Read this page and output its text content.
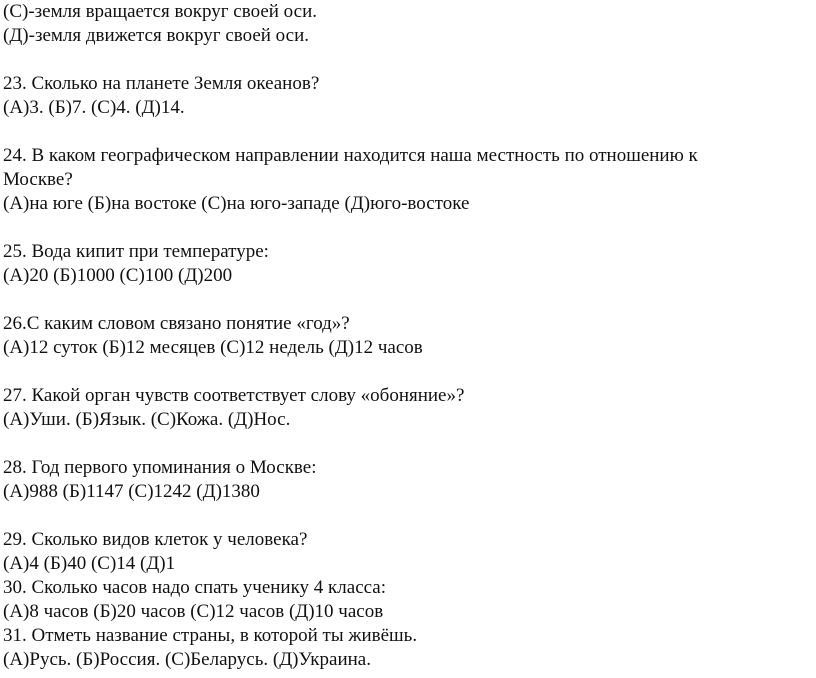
(С)-земля вращается вокруг своей оси.
(Д)-земля движется вокруг своей оси.
23. Сколько на планете Земля океанов?
(А)3. (Б)7. (С)4. (Д)14.
24. В каком географическом направлении находится наша местность по отношению к
Москве?
(А)на юге (Б)на востоке (С)на юго-западе (Д)юго-востоке
25. Вода кипит при температуре:
(А)20 (Б)1000 (С)100 (Д)200
26.С каким словом связано понятие «год»?
(А)12 суток (Б)12 месяцев (С)12 недель (Д)12 часов
27. Какой орган чувств соответствует слову «обоняние»?
(А)Уши. (Б)Язык. (С)Кожа. (Д)Нос.
28. Год первого упоминания о Москве:
(А)988 (Б)1147 (С)1242 (Д)1380
29. Сколько видов клеток у человека?
(А)4 (Б)40 (С)14 (Д)1
30. Сколько часов надо спать ученику 4 класса:
(А)8 часов (Б)20 часов (С)12 часов (Д)10 часов
31. Отметь название страны, в которой ты живёшь.
(А)Русь. (Б)Россия. (С)Беларусь. (Д)Украина.
